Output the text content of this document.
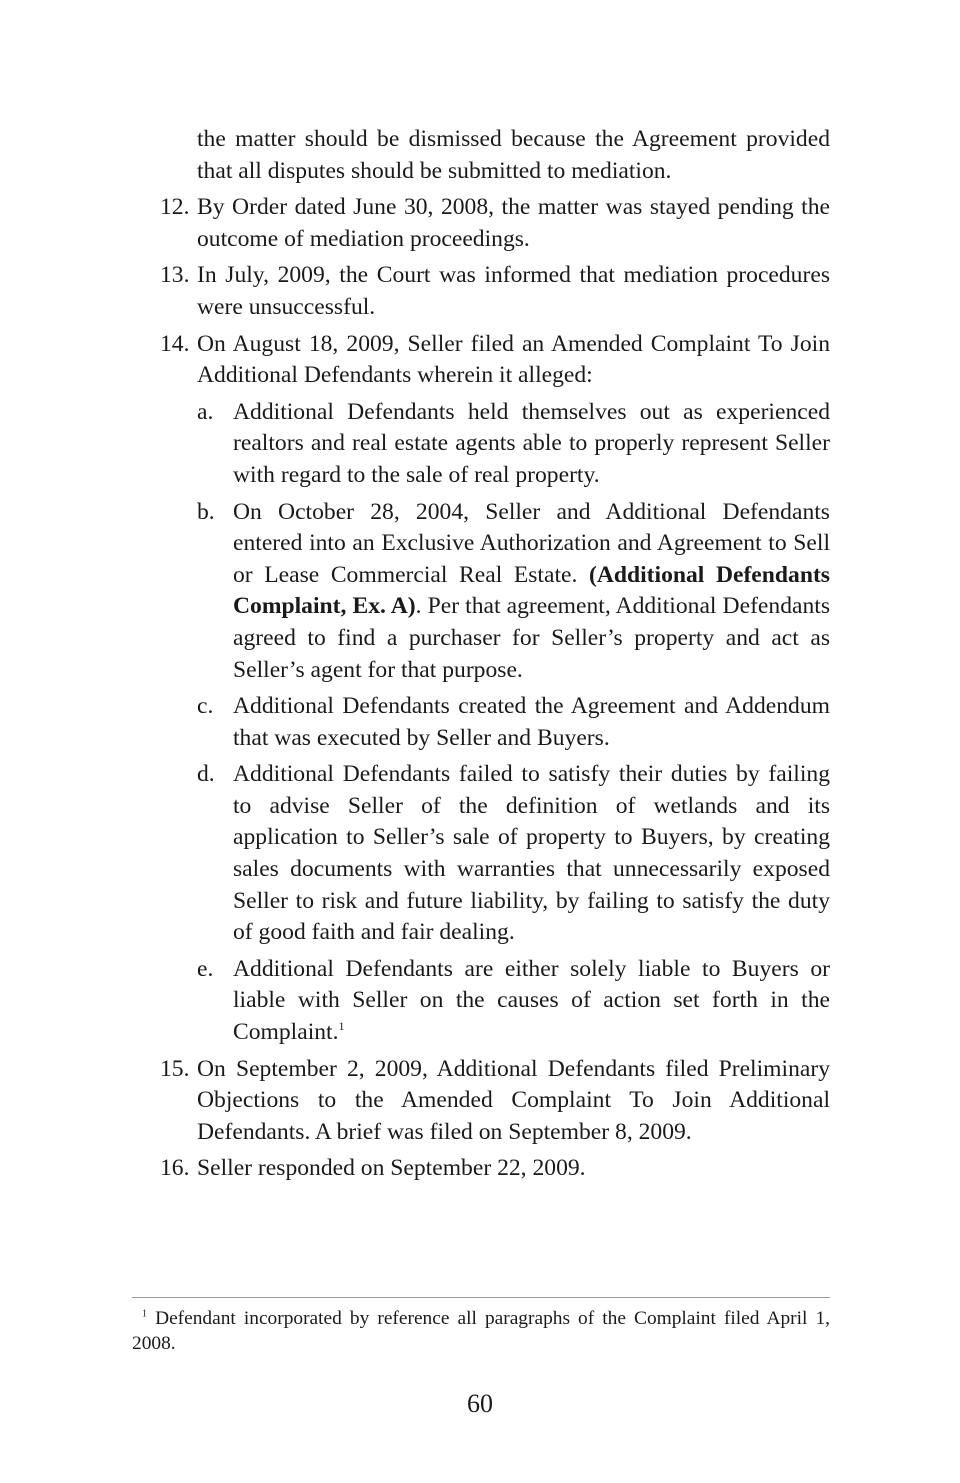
the matter should be dismissed because the Agreement provided that all disputes should be submitted to mediation.
12. By Order dated June 30, 2008, the matter was stayed pending the outcome of mediation proceedings.
13. In July, 2009, the Court was informed that mediation procedures were unsuccessful.
14. On August 18, 2009, Seller filed an Amended Complaint To Join Additional Defendants wherein it alleged:
a. Additional Defendants held themselves out as experienced realtors and real estate agents able to properly represent Seller with regard to the sale of real property.
b. On October 28, 2004, Seller and Additional Defendants entered into an Exclusive Authorization and Agreement to Sell or Lease Commercial Real Estate. (Additional Defendants Complaint, Ex. A). Per that agreement, Additional Defendants agreed to find a purchaser for Seller’s property and act as Seller’s agent for that purpose.
c. Additional Defendants created the Agreement and Addendum that was executed by Seller and Buyers.
d. Additional Defendants failed to satisfy their duties by failing to advise Seller of the definition of wetlands and its application to Seller’s sale of property to Buyers, by creating sales documents with warranties that unnecessarily exposed Seller to risk and future liability, by failing to satisfy the duty of good faith and fair dealing.
e. Additional Defendants are either solely liable to Buyers or liable with Seller on the causes of action set forth in the Complaint.$^1$
15. On September 2, 2009, Additional Defendants filed Preliminary Objections to the Amended Complaint To Join Additional Defendants. A brief was filed on September 8, 2009.
16. Seller responded on September 22, 2009.
$^1$ Defendant incorporated by reference all paragraphs of the Complaint filed April 1, 2008.
60
